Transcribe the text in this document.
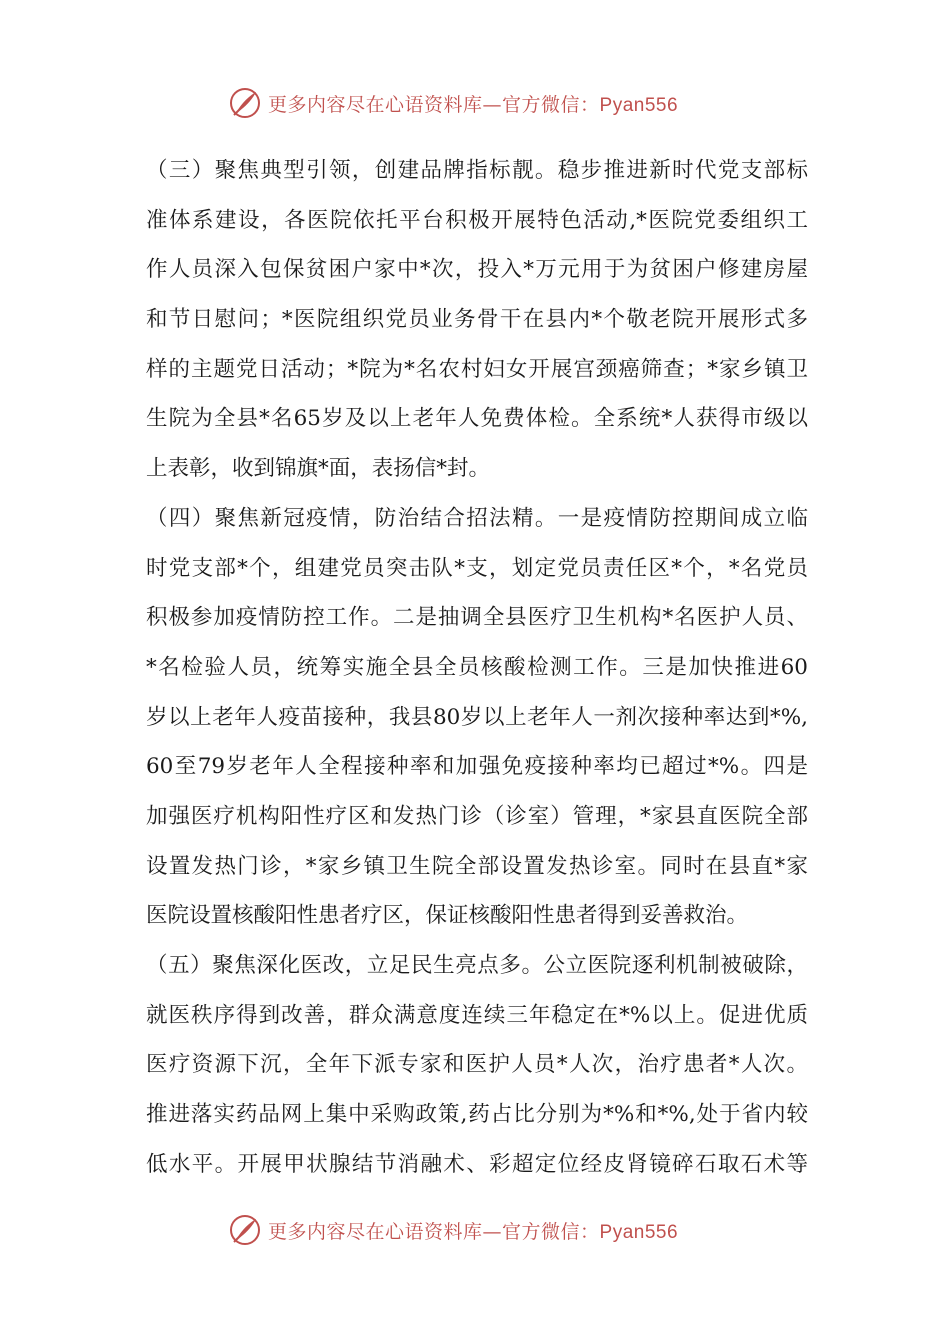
更多内容尽在心语资料库—官方微信：Pyan556
（三）聚焦典型引领，创建品牌指标靓。稳步推进新时代党支部标
准体系建设，各医院依托平台积极开展特色活动,*医院党委组织工
作人员深入包保贫困户家中*次，投入*万元用于为贫困户修建房屋
和节日慰问；*医院组织党员业务骨干在县内*个敬老院开展形式多
样的主题党日活动；*院为*名农村妇女开展宫颈癌筛查；*家乡镇卫
生院为全县*名65岁及以上老年人免费体检。全系统*人获得市级以
上表彰，收到锦旗*面，表扬信*封。
（四）聚焦新冠疫情，防治结合招法精。一是疫情防控期间成立临
时党支部*个，组建党员突击队*支，划定党员责任区*个，*名党员
积极参加疫情防控工作。二是抽调全县医疗卫生机构*名医护人员、
*名检验人员，统筹实施全县全员核酸检测工作。三是加快推进60
岁以上老年人疫苗接种，我县80岁以上老年人一剂次接种率达到*%,
60至79岁老年人全程接种率和加强免疫接种率均已超过*%。四是
加强医疗机构阳性疗区和发热门诊（诊室）管理，*家县直医院全部
设置发热门诊，*家乡镇卫生院全部设置发热诊室。同时在县直*家
医院设置核酸阳性患者疗区，保证核酸阳性患者得到妥善救治。
（五）聚焦深化医改，立足民生亮点多。公立医院逐利机制被破除，
就医秩序得到改善，群众满意度连续三年稳定在*%以上。促进优质
医疗资源下沉，全年下派专家和医护人员*人次，治疗患者*人次。
推进落实药品网上集中采购政策,药占比分别为*%和*%,处于省内较
低水平。开展甲状腺结节消融术、彩超定位经皮肾镜碎石取石术等
更多内容尽在心语资料库—官方微信：Pyan556
